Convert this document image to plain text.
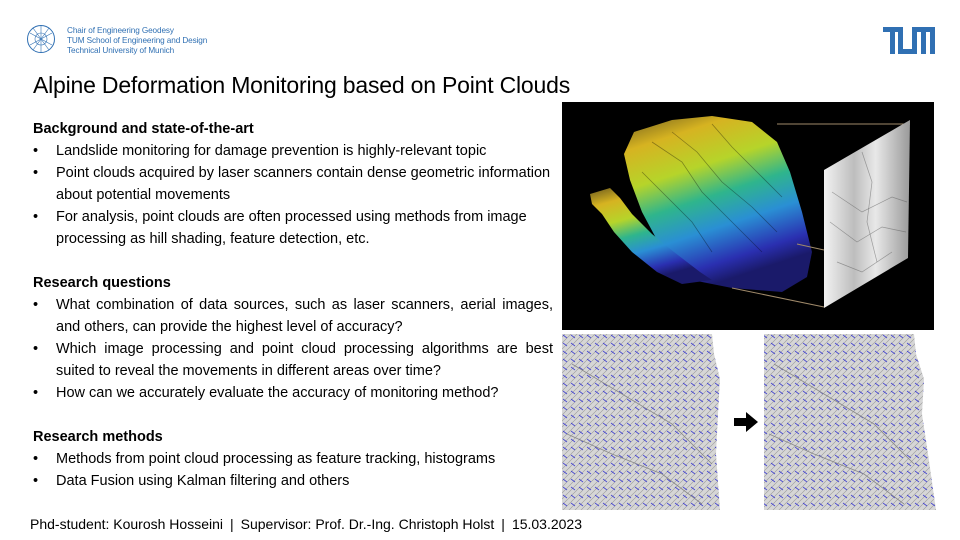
Chair of Engineering Geodesy
TUM School of Engineering and Design
Technical University of Munich
Alpine Deformation Monitoring based on Point Clouds

Background and state-of-the-art

• Landslide monitoring for damage prevention is highly-relevant topic
• Point clouds acquired by laser scanners contain dense geometric information about potential movements
• For analysis, point clouds are often processed using methods from image processing as hill shading, feature detection, etc.

Research questions

• What combination of data sources, such as laser scanners, aerial images, and others, can provide the highest level of accuracy?
• Which image processing and point cloud processing algorithms are best suited to reveal the movements in different areas over time?
• How can we accurately evaluate the accuracy of monitoring method?

Research methods

• Methods from point cloud processing as feature tracking, histograms
• Data Fusion using Kalman filtering and others
Phd-student: Kourosh Hosseini | Supervisor: Prof. Dr.-Ing. Christoph Holst | 15.03.2023
